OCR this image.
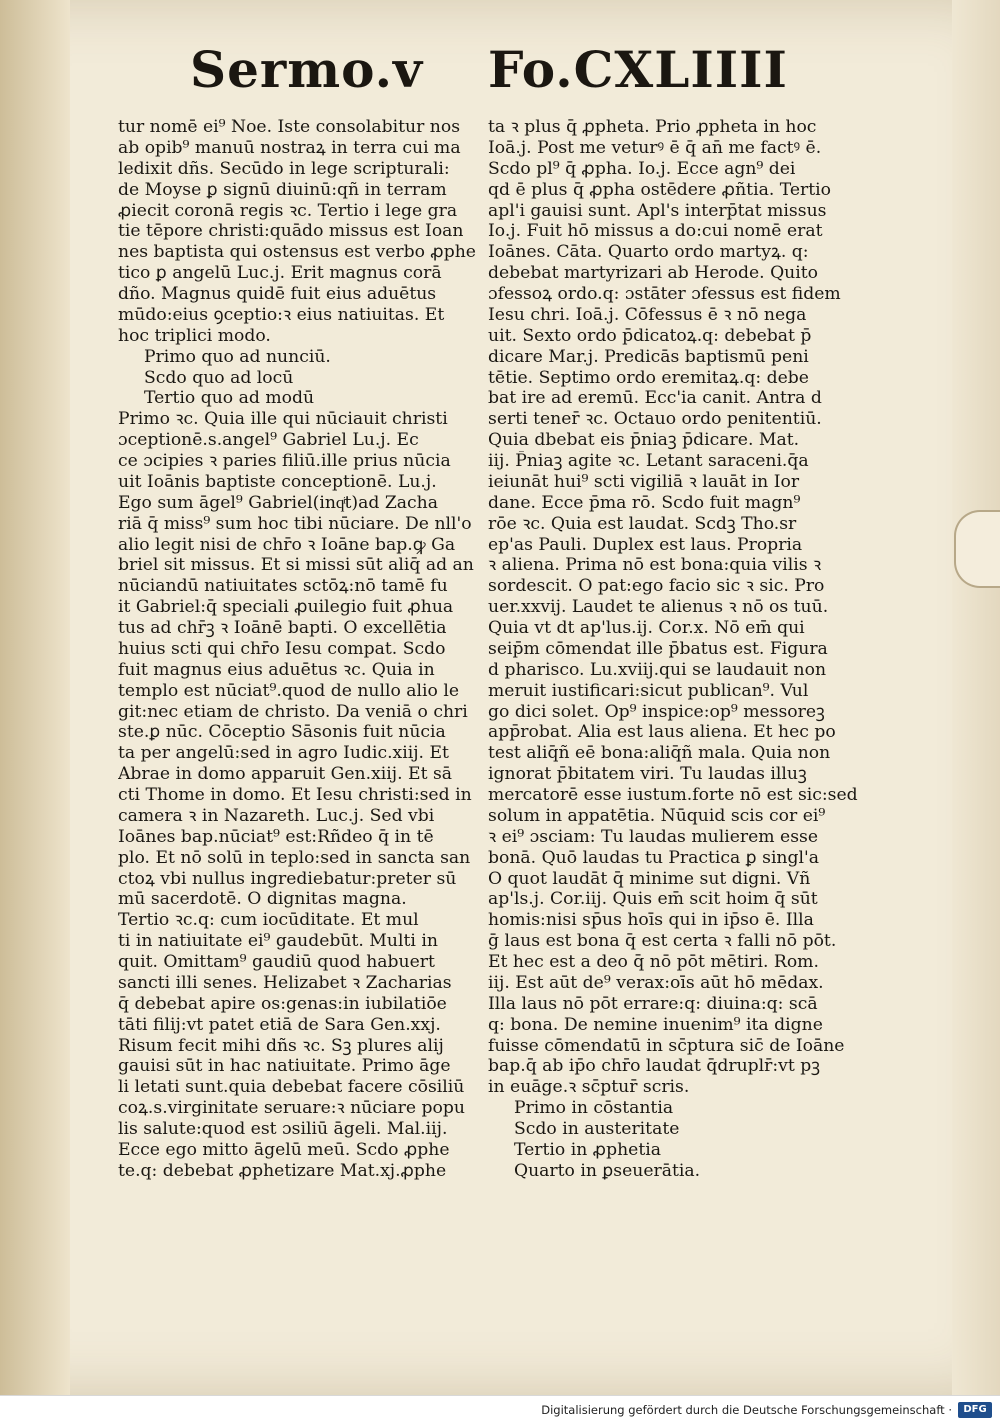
Sermo.v Fo.CXLIIII
tur nomē ei⁹ Noe. Iste consolabitur nos
ab opib⁹ manuū nostraꝝ in terra cui ma
ledixit dñs. Secūdo in lege scripturali:
de Moyse ꝑ signū diuinū:qñ in terram
ꝓiecit coronā regis ꝛc. Tertio i lege gra
tie tēpore christi:quādo missus est Ioan
nes baptista qui ostensus est verbo ꝓphe
tico ꝑ angelū Luc.j. Erit magnus corā
dño. Magnus quidē fuit eius aduētus
mūdo:eius ꝯceptio:ꝛ eius natiuitas. Et
hoc triplici modo.
Primo quo ad nunciū.
Scdo quo ad locū
Tertio quo ad modū
Primo ꝛc. Quia ille qui nūciauit christi
ɔceptionē.s.angel⁹ Gabriel Lu.j. Ec
ce ɔcipies ꝛ paries filiū.ille prius nūcia
uit Ioānis baptiste conceptionē. Lu.j.
Ego sum āgel⁹ Gabriel(inqͥt)ad Zacha
riā q̄ miss⁹ sum hoc tibi nūciare. De nll'o
alio legit̄ nisi de chr̄o ꝛ Ioāne bap.ꝙ Ga
briel sit missus. Et si missi sūt aliq̄ ad an
nūciandū natiuitates sctōꝝ:nō tamē fu
it Gabriel:q̄ speciali ꝓuilegio fuit ꝓhua
tus ad chr̄ꝫ ꝛ Ioānē bapti. O excellētia
huius scti qui chr̄o Iesu compat̄. Scdo
fuit magnus eius aduētus ꝛc. Quia in
templo est nūciat⁹.quod de nullo alio le
git̄:nec etiam de christo. Da veniā o chri
ste.ꝑ nūc. Cōceptio Sāsonis fuit nūcia
ta per angelū:sed in agro Iudic.xiij. Et
Abrae in domo apparuit Gen.xiij. Et sā
cti Thome in domo. Et Iesu christi:sed in
camera ꝛ in Nazareth. Luc.j. Sed vbi
Ioānes bap.nūciat⁹ est:Rñdeo q̄ in tē
plo. Et nō solū in teplo:sed in sancta san
ctoꝝ vbi nullus ingrediebatur:preter sū
mū sacerdotē. O dignitas magna.
Tertio ꝛc.q: cum iocūditate. Et mul
ti in natiuitate ei⁹ gaudebūt. Multi in
quit. Omittam⁹ gaudiū quod habuert
sancti illi senes. Helizabet ꝛ Zacharias
q̄ debebat apire os:genas:in iubilatiōe
tāti filij:vt patet etiā de Sara Gen.xxj.
Risum fecit mihi dñs ꝛc. Sꝫ plures alij
gauisi sūt in hac natiuitate. Primo āge
li letati sunt.quia debebat facere cōsiliū
coꝝ.s.virginitate seruare:ꝛ nūciare popu
lis salute:quod est ɔsiliū āgeli. Mal.iij.
Ecce ego mitto āgelū meū. Scdo ꝓphe
te.q: debebat ꝓphetizare Mat.xj.ꝓphe
ta ꝛ plus q̄ ꝓpheta. Prio ꝓpheta in hoc
Ioā.j. Post me veturꝰ ē q̄ an̄ me factꝰ ē.
Scdo pl⁹ q̄ ꝓpha. Io.j. Ecce agn⁹ dei
qd ē plus q̄ ꝓpha ostēdere ꝓñtia. Tertio
apl'i gauisi sunt. Apl's interp̄tat̄ missus
Io.j. Fuit hō missus a do:cui nomē erat
Ioānes. Cāta. Quarto ordo martyꝝ. q:
debebat martyrizari ab Herode. Quito
ɔfessoꝝ ordo.q: ɔstāter ɔfessus est fidem
Iesu chri. Ioā.j. Cōfessus ē ꝛ nō nega
uit. Sexto ordo p̄dicatoꝝ.q: debebat p̄
dicare Mar.j. Predicās baptismū peni
tētie. Septimo ordo eremitaꝝ.q: debe
bat ire ad eremū. Ecc'ia canit. Antra d̄
serti tener̄ ꝛc. Octauo ordo penitentiū.
Quia d̄bebat eis p̄niaꝫ p̄dicare. Mat.
iij. P̄niaꝫ agite ꝛc. Letant̄ saraceni.q̄a
ieiunāt hui⁹ scti vigiliā ꝛ lauāt in Ior
dane. Ecce p̄ma rō. Scdo fuit magn⁹
rōe ꝛc. Quia est laudat̄. Scdꝫ Tho.sr
ep'as Pauli. Duplex est laus. Propria
ꝛ aliena. Prima nō est bona:quia vilis ꝛ
sordescit. O pat̄:ego facio sic ꝛ sic. Pro
uer.xxvij. Laudet te alienus ꝛ nō os tuū.
Quia vt d̄t ap'lus.ij. Cor.x. Nō em̄ qui
seip̄m cōmendat ille p̄batus est. Figura
d̄ pharisco. Lu.xviij.qui se laudauit non
meruit iustificari:sicut publican⁹. Vul
go dici solet. Op⁹ inspice:op⁹ messoreꝫ
app̄robat. Alia est laus aliena. Et hec po
test aliq̄ñ eē bona:aliq̄ñ mala. Quia non
ignorat p̄bitatem viri. Tu laudas illuꝫ
mercatorē esse iustum.forte nō est sic:sed
solum in appatētia. Nūquid scis cor ei⁹
ꝛ ei⁹ ɔsciam: Tu laudas mulierem esse
bonā. Quō laudas tu Practica ꝑ singl'a
O quot laudāt q̄ minime sut digni. Vñ
ap'ls.j. Cor.iij. Quis em̄ scit hoim q̄ sūt
homis:nisi sp̄us hoīs qui in ip̄so ē. Illa
ḡ laus est bona q̄ est certa ꝛ falli nō pōt.
Et hec est a deo q̄ nō pōt mētiri. Rom.
iij. Est aūt de⁹ verax:oīs aūt hō mēdax.
Illa laus nō pōt errare:q: diuina:q: scā
q: bona. De nemine inuenim⁹ ita digne
fuisse cōmendatū in sc̄ptura sic̄ de Ioāne
bap.q̄ ab ip̄o chr̄o laudat̄ q̄druplr̄:vt pꝫ
in euāge.ꝛ sc̄ptur̄ scris.
Primo in cōstantia
Scdo in austeritate
Tertio in ꝓphetia
Quarto in ꝑseuerātia.
Digitalisierung gefördert durch die Deutsche Forschungsgemeinschaft ·	DFG
